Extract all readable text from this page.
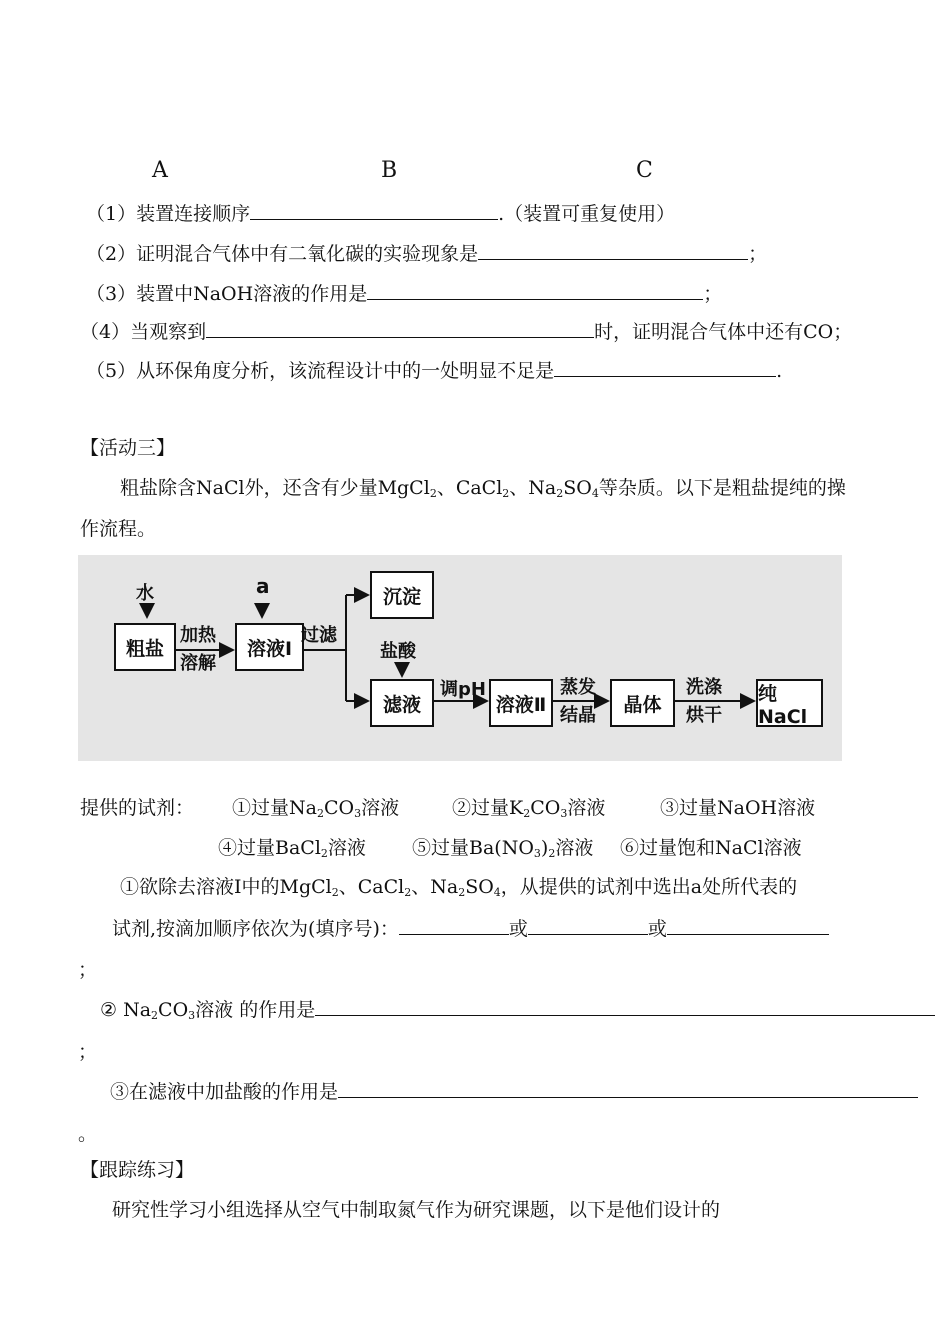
A	B	C
（1）装置连接顺序	.（装置可重复使用）
（2）证明混合气体中有二氧化碳的实验现象是	；
（3）装置中NaOH溶液的作用是	；
（4）当观察到	时，证明混合气体中还有CO；
（5）从环保角度分析，该流程设计中的一处明显不足是	.
【活动三】
粗盐除含NaCl外，还含有少量MgCl$_2$、CaCl$_2$、$Na_2SO_4$等杂质。以下是粗盐提纯的操
作流程。
水
粗盐
加热
溶解
a
溶液Ⅰ
过滤
沉淀
盐酸
滤液
调pH
溶液Ⅱ
蒸发
结晶	晶体
洗涤
烘干
纯NaCl
提供的试剂： ①过量$Na_2CO_3$溶液	②过量$K_2CO_3$溶液	③过量NaOH溶液
④过量BaCl$_2$溶液 ⑤过量$Ba(NO_3)_2$溶液 ⑥过量饱和NaCl溶液
①欲除去溶液I中的MgCl$_2$、CaCl$_2$、$Na_2SO_4$，从提供的试剂中选出a处所代表的
试剂,按滴加顺序依次为(填序号)：	或	或
；
② $Na_2CO_3$溶液 的作用是
；
③在滤液中加盐酸的作用是
。
【跟踪练习】
研究性学习小组选择从空气中制取氮气作为研究课题，以下是他们设计的
